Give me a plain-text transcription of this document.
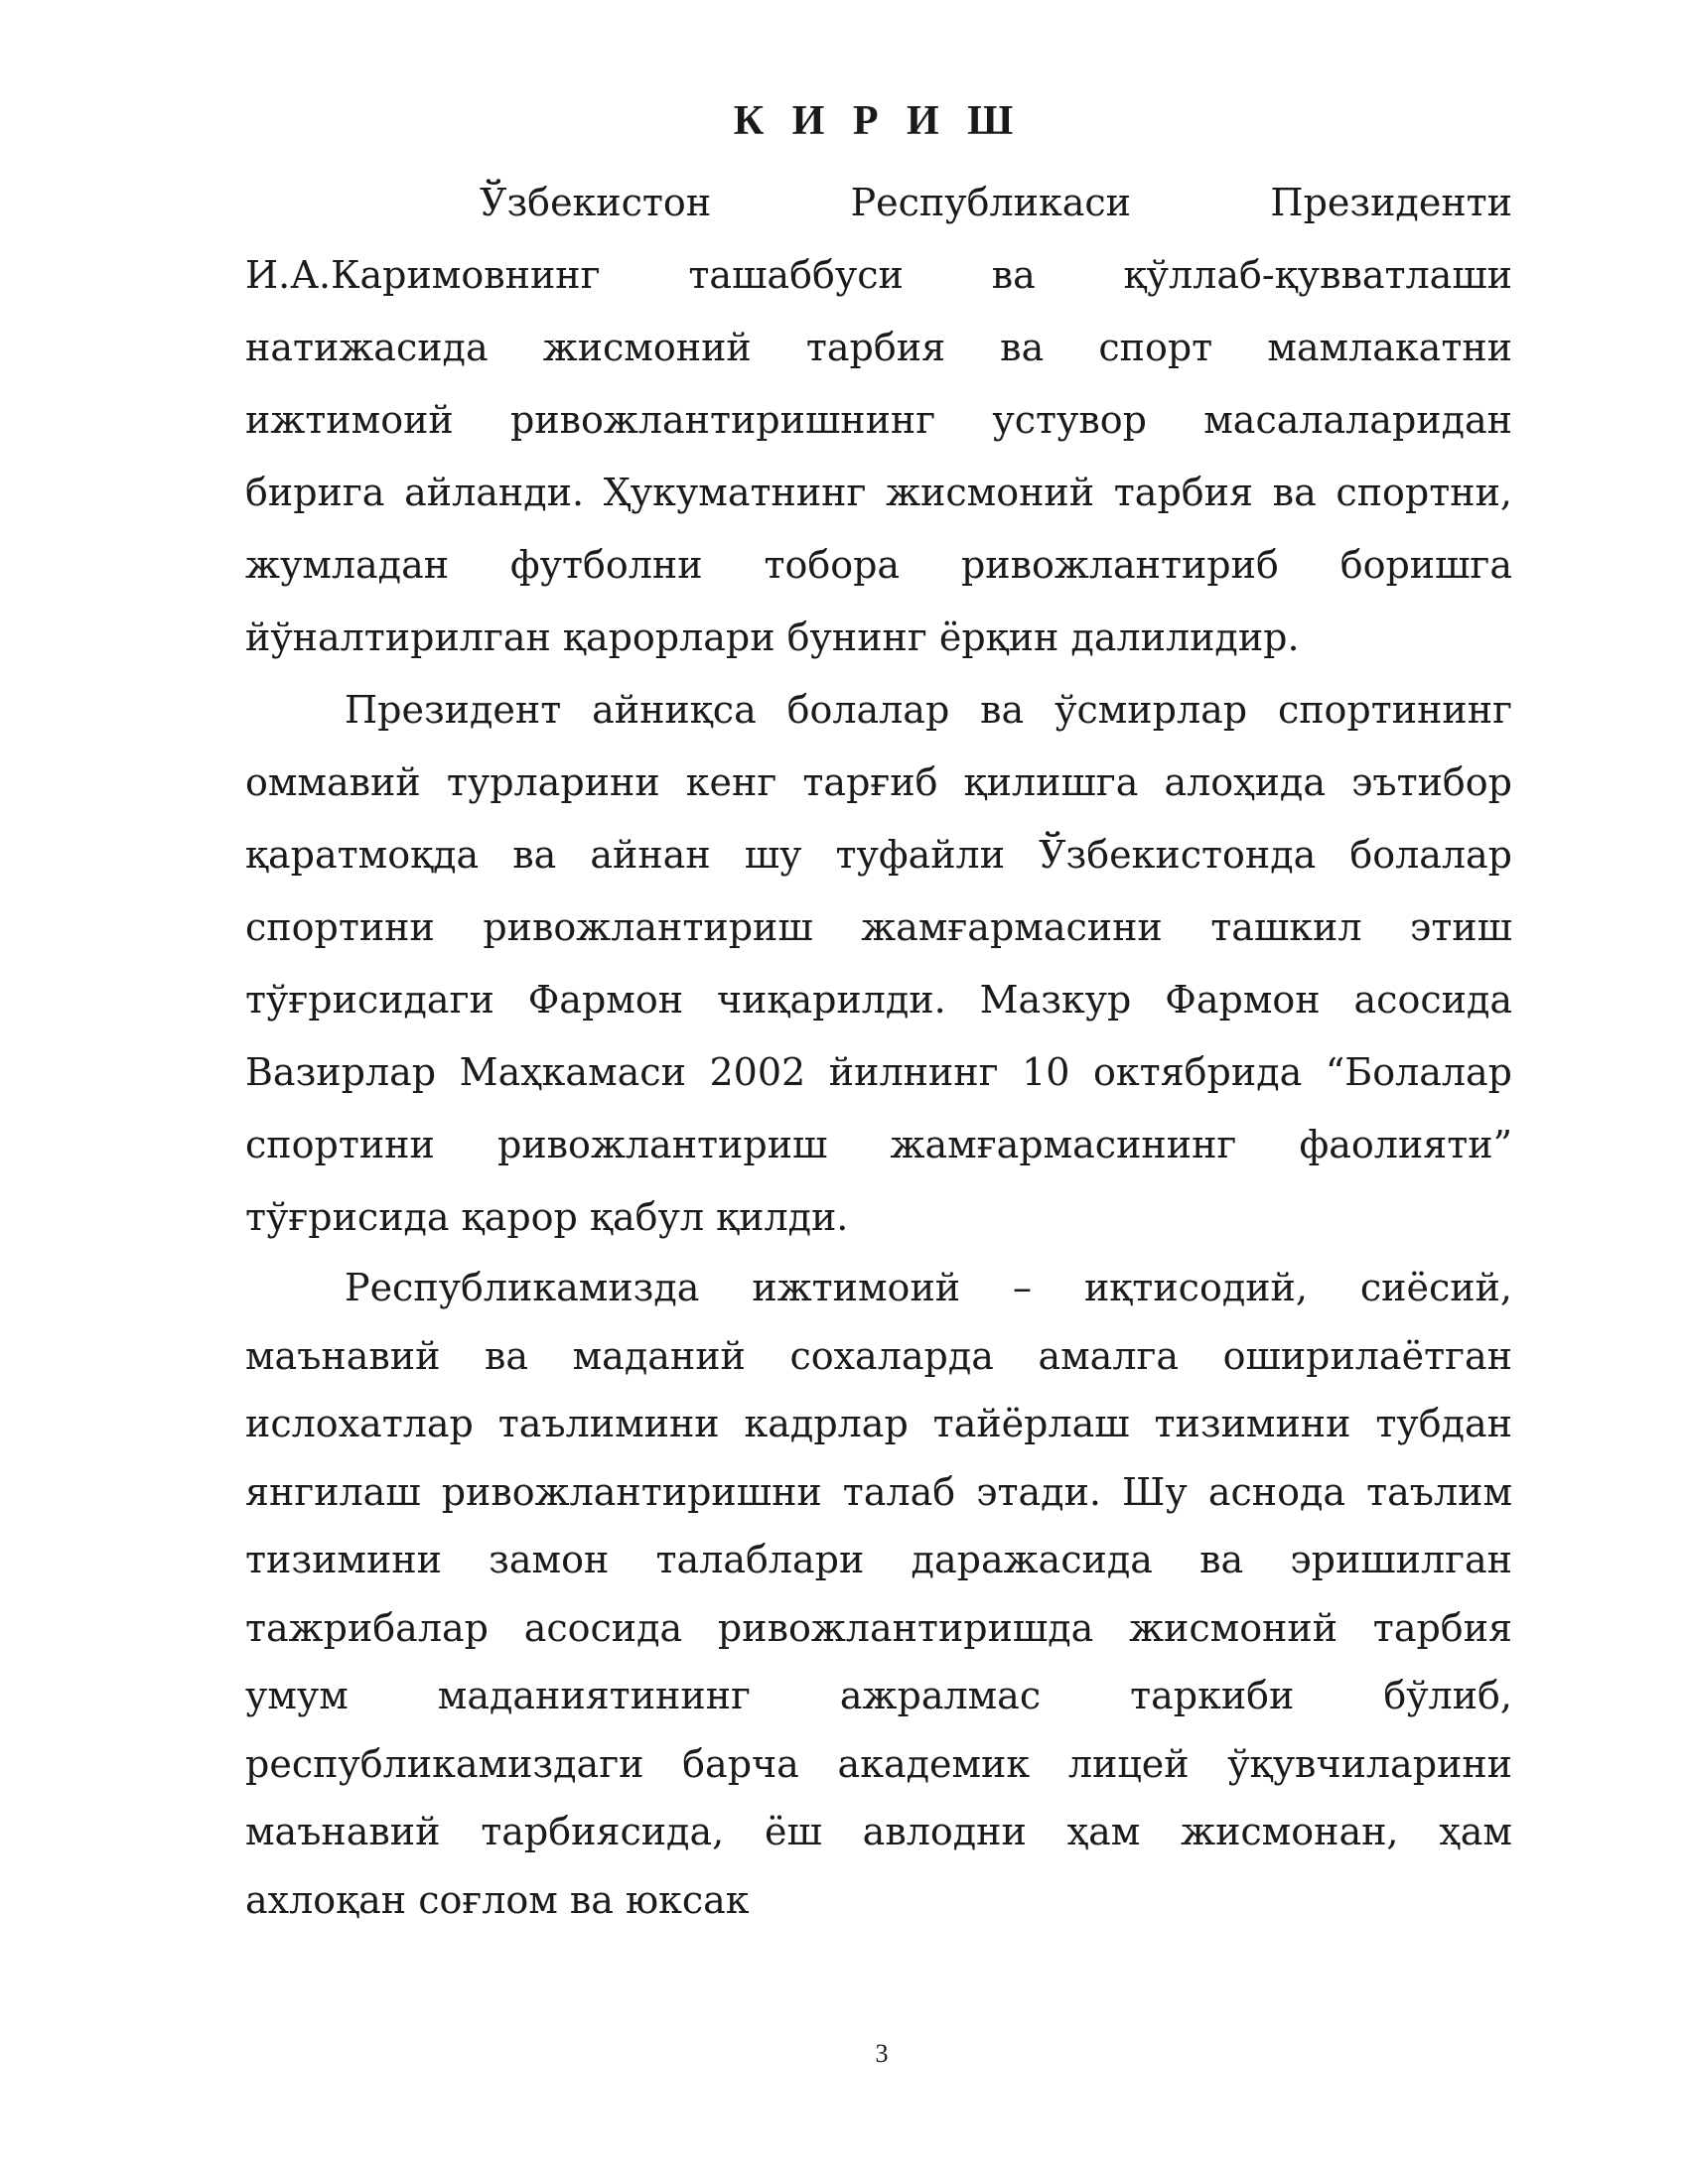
К И Р И Ш

Ўзбекистон Республикаси Президенти И.А.Каримовнинг ташаббуси ва қўллаб-қувватлаши натижасида жисмоний тарбия ва спорт мамлакатни ижтимоий ривожлантиришнинг устувор масалаларидан бирига айланди. Ҳукуматнинг жисмоний тарбия ва спортни, жумладан футболни тобора ривожлантириб боришга йўналтирилган қарорлари бунинг ёрқин далилидир.

Президент айниқса болалар ва ўсмирлар спортининг оммавий турларини кенг тарғиб қилишга алоҳида эътибор қаратмоқда ва айнан шу туфайли Ўзбекистонда болалар спортини ривожлантириш жамғармасини ташкил этиш тўғрисидаги Фармон чиқарилди. Мазкур Фармон асосида Вазирлар Маҳкамаси 2002 йилнинг 10 октябрида “Болалар спортини ривожлантириш жамғармасининг фаолияти” тўғрисида қарор қабул қилди.

Республикамизда ижтимоий – иқтисодий, сиёсий, маънавий ва маданий сохаларда амалга оширилаётган ислохатлар таълимини кадрлар тайёрлаш тизимини тубдан янгилаш ривожлантиришни талаб этади. Шу аснода таълим тизимини замон талаблари даражасида ва эришилган тажрибалар асосида ривожлантиришда жисмоний тарбия умум маданиятининг ажралмас таркиби бўлиб, республикамиздаги барча академик лицей ўқувчиларини маънавий тарбиясида, ёш авлодни ҳам жисмонан, ҳам ахлоқан соғлом ва юксак

3
